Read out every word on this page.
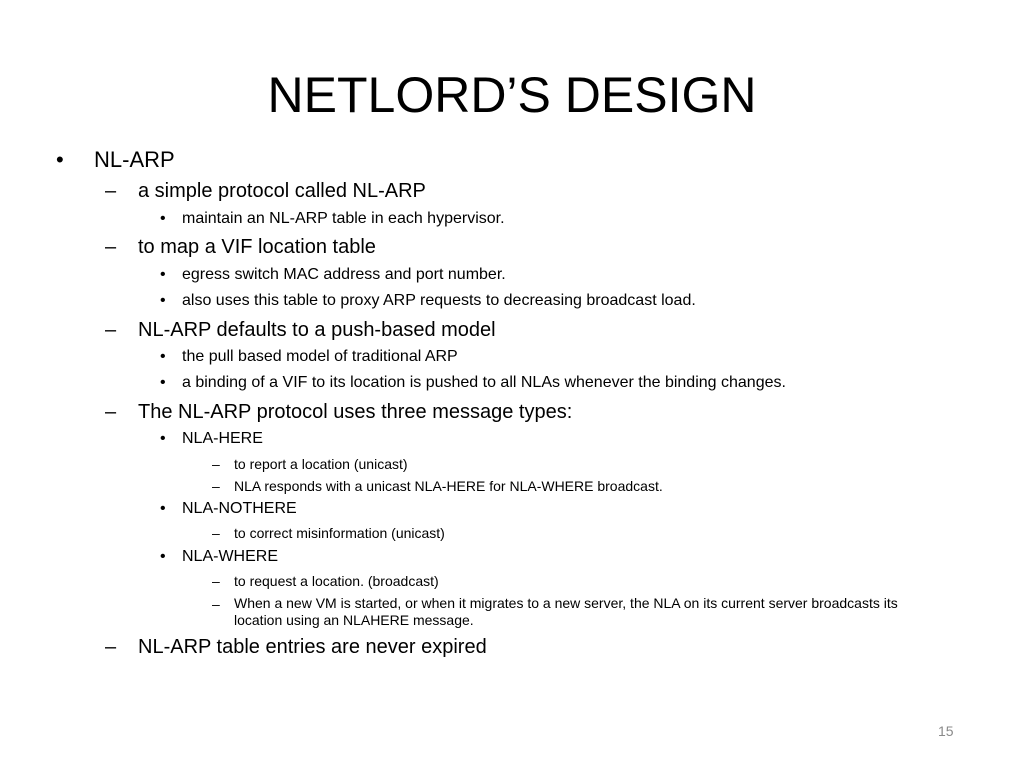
NETLORD’S DESIGN
• NL-ARP
– a simple protocol called NL-ARP
• maintain an NL-ARP table in each hypervisor.
– to map a VIF location table
• egress switch MAC address and port number.
• also uses this table to proxy ARP requests to decreasing broadcast load.
– NL-ARP defaults to a push-based model
• the pull based model of traditional ARP
• a binding of a VIF to its location is pushed to all NLAs whenever the binding changes.
– The NL-ARP protocol uses three message types:
• NLA-HERE
– to report a location (unicast)
– NLA responds with a unicast NLA-HERE for NLA-WHERE broadcast.
• NLA-NOTHERE
– to correct misinformation (unicast)
• NLA-WHERE
– to request a location. (broadcast)
– When a new VM is started, or when it migrates to a new server, the NLA on its current server broadcasts its location using an NLAHERE message.
– NL-ARP table entries are never expired
15
